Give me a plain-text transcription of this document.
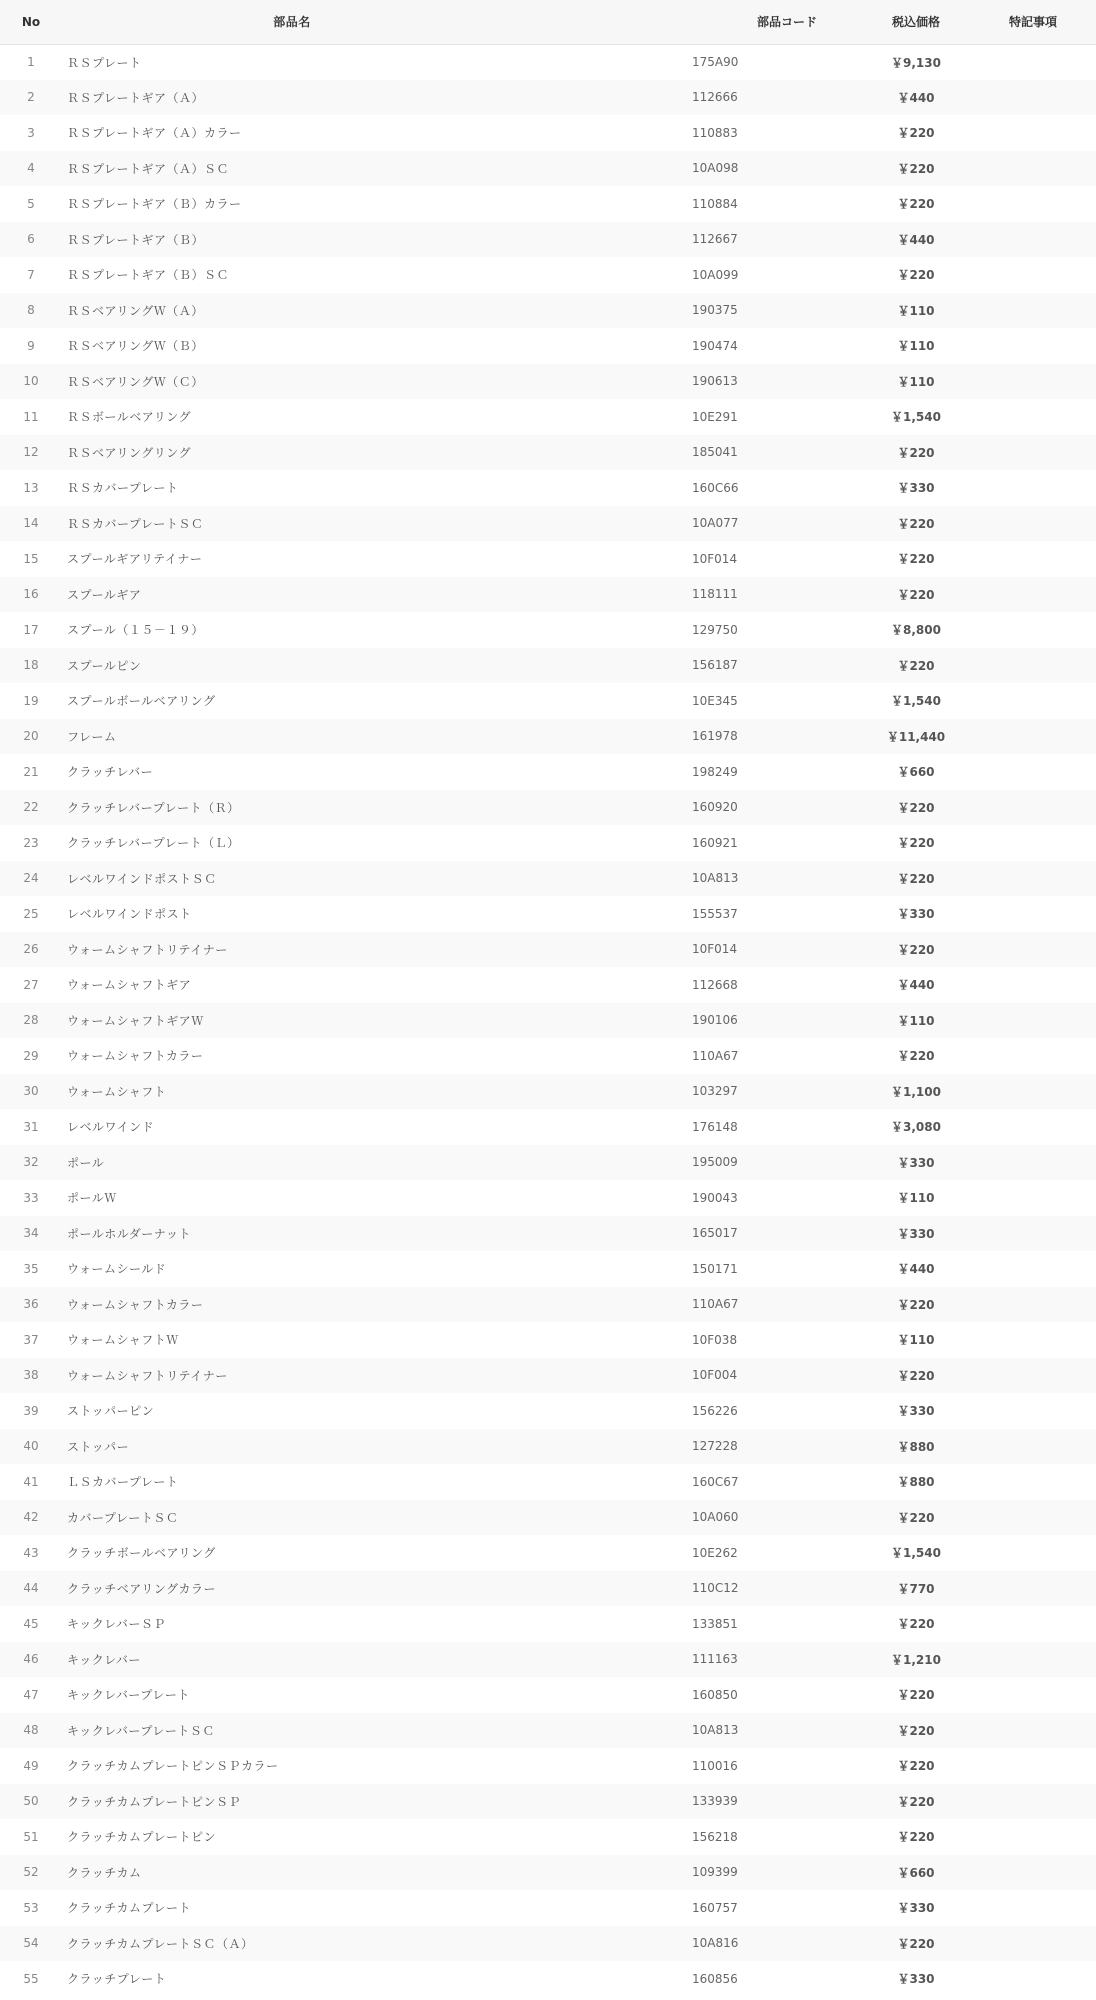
No	部品名	部品コード	税込価格	特記事項
1	ＲＳプレート	175A90	￥9,130	
2	ＲＳプレートギア（Ａ）	112666	￥440	
3	ＲＳプレートギア（Ａ）カラー	110883	￥220	
4	ＲＳプレートギア（Ａ）ＳＣ	10A098	￥220	
5	ＲＳプレートギア（Ｂ）カラー	110884	￥220	
6	ＲＳプレートギア（Ｂ）	112667	￥440	
7	ＲＳプレートギア（Ｂ）ＳＣ	10A099	￥220	
8	ＲＳベアリングＷ（Ａ）	190375	￥110	
9	ＲＳベアリングＷ（Ｂ）	190474	￥110	
10	ＲＳベアリングＷ（Ｃ）	190613	￥110	
11	ＲＳボールベアリング	10E291	￥1,540	
12	ＲＳベアリングリング	185041	￥220	
13	ＲＳカバープレート	160C66	￥330	
14	ＲＳカバープレートＳＣ	10A077	￥220	
15	スプールギアリテイナー	10F014	￥220	
16	スプールギア	118111	￥220	
17	スプール（１５－１９）	129750	￥8,800	
18	スプールピン	156187	￥220	
19	スプールボールベアリング	10E345	￥1,540	
20	フレーム	161978	￥11,440	
21	クラッチレバー	198249	￥660	
22	クラッチレバープレート（Ｒ）	160920	￥220	
23	クラッチレバープレート（Ｌ）	160921	￥220	
24	レベルワインドポストＳＣ	10A813	￥220	
25	レベルワインドポスト	155537	￥330	
26	ウォームシャフトリテイナー	10F014	￥220	
27	ウォームシャフトギア	112668	￥440	
28	ウォームシャフトギアＷ	190106	￥110	
29	ウォームシャフトカラー	110A67	￥220	
30	ウォームシャフト	103297	￥1,100	
31	レベルワインド	176148	￥3,080	
32	ポール	195009	￥330	
33	ポールＷ	190043	￥110	
34	ポールホルダーナット	165017	￥330	
35	ウォームシールド	150171	￥440	
36	ウォームシャフトカラー	110A67	￥220	
37	ウォームシャフトＷ	10F038	￥110	
38	ウォームシャフトリテイナー	10F004	￥220	
39	ストッパーピン	156226	￥330	
40	ストッパー	127228	￥880	
41	ＬＳカバープレート	160C67	￥880	
42	カバープレートＳＣ	10A060	￥220	
43	クラッチボールベアリング	10E262	￥1,540	
44	クラッチベアリングカラー	110C12	￥770	
45	キックレバーＳＰ	133851	￥220	
46	キックレバー	111163	￥1,210	
47	キックレバープレート	160850	￥220	
48	キックレバープレートＳＣ	10A813	￥220	
49	クラッチカムプレートピンＳＰカラー	110016	￥220	
50	クラッチカムプレートピンＳＰ	133939	￥220	
51	クラッチカムプレートピン	156218	￥220	
52	クラッチカム	109399	￥660	
53	クラッチカムプレート	160757	￥330	
54	クラッチカムプレートＳＣ（Ａ）	10A816	￥220	
55	クラッチプレート	160856	￥330	
